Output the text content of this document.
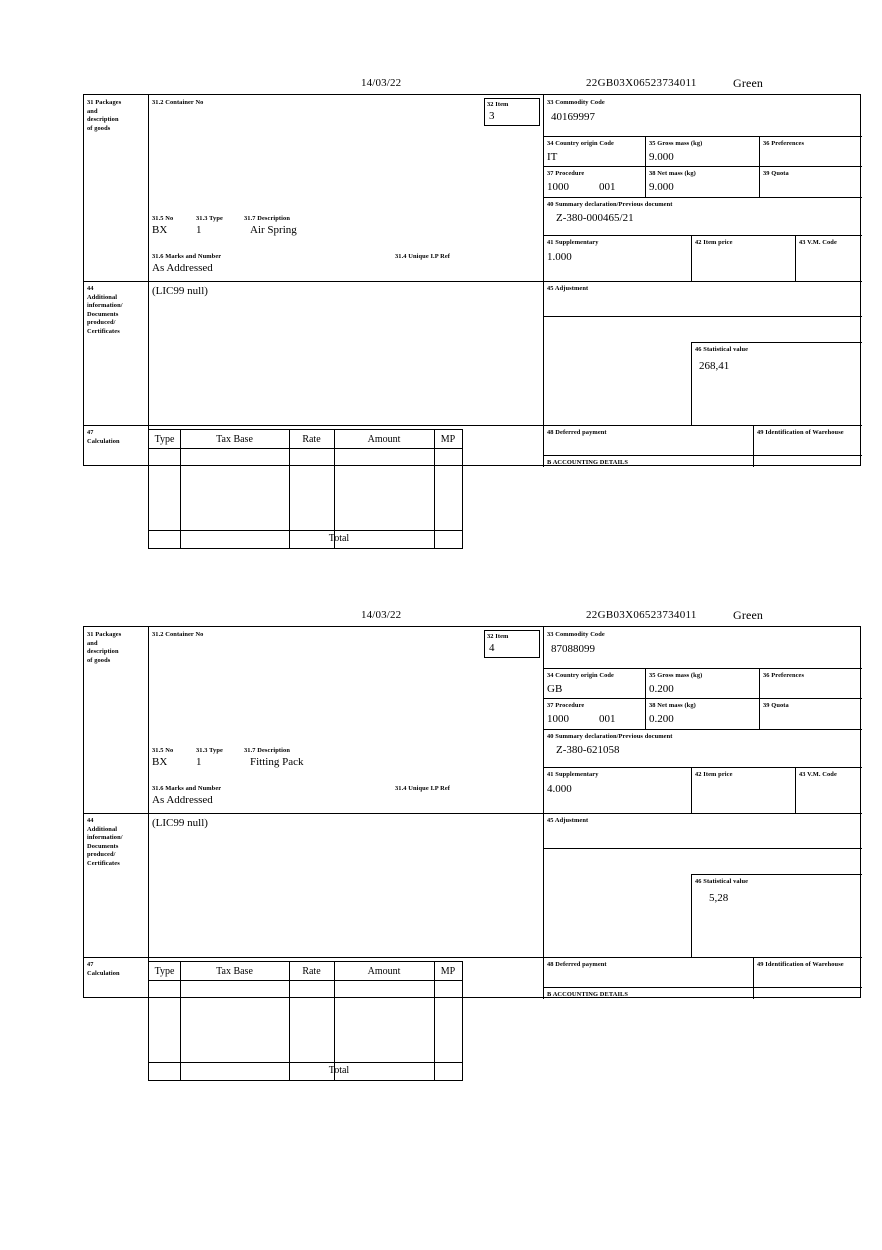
14/03/22	22GB03X06523734011	Green
31 Packages
and
description
of goods
31.2 Container No
31.5 No	31.3 Type	31.7 Description
BX	1	Air Spring
31.6 Marks and Number	31.4 Unique I.P Ref
As Addressed
32 Item
3
44
Additional
information/
Documents
produced/
Certificates
(LIC99 null)
33 Commodity Code
40169997
34 Country origin Code
IT
35 Gross mass (kg)
9.000
36 Preferences
37 Procedure
1000	001
38 Net mass (kg)
9.000
39 Quota
40 Summary declaration/Previous document
Z-380-000465/21
41 Supplementary
1.000
42 Item price	43 V.M. Code
45 Adjustment
46 Statistical value
268,41
47
Calculation	Type	Tax Base	Rate	Amount	MP
Total
48 Deferred payment	49 Identification of Warehouse
B ACCOUNTING DETAILS
14/03/22	22GB03X06523734011	Green
31 Packages
and
description
of goods
31.2 Container No
31.5 No	31.3 Type	31.7 Description
BX	1	Fitting Pack
31.6 Marks and Number	31.4 Unique I.P Ref
As Addressed
32 Item
4
44
Additional
information/
Documents
produced/
Certificates
(LIC99 null)
33 Commodity Code
87088099
34 Country origin Code
GB
35 Gross mass (kg)
0.200
36 Preferences
37 Procedure
1000	001
38 Net mass (kg)
0.200
39 Quota
40 Summary declaration/Previous document
Z-380-621058
41 Supplementary
4.000
42 Item price	43 V.M. Code
45 Adjustment
46 Statistical value
5,28
47
Calculation	Type	Tax Base	Rate	Amount	MP
Total
48 Deferred payment	49 Identification of Warehouse
B ACCOUNTING DETAILS
